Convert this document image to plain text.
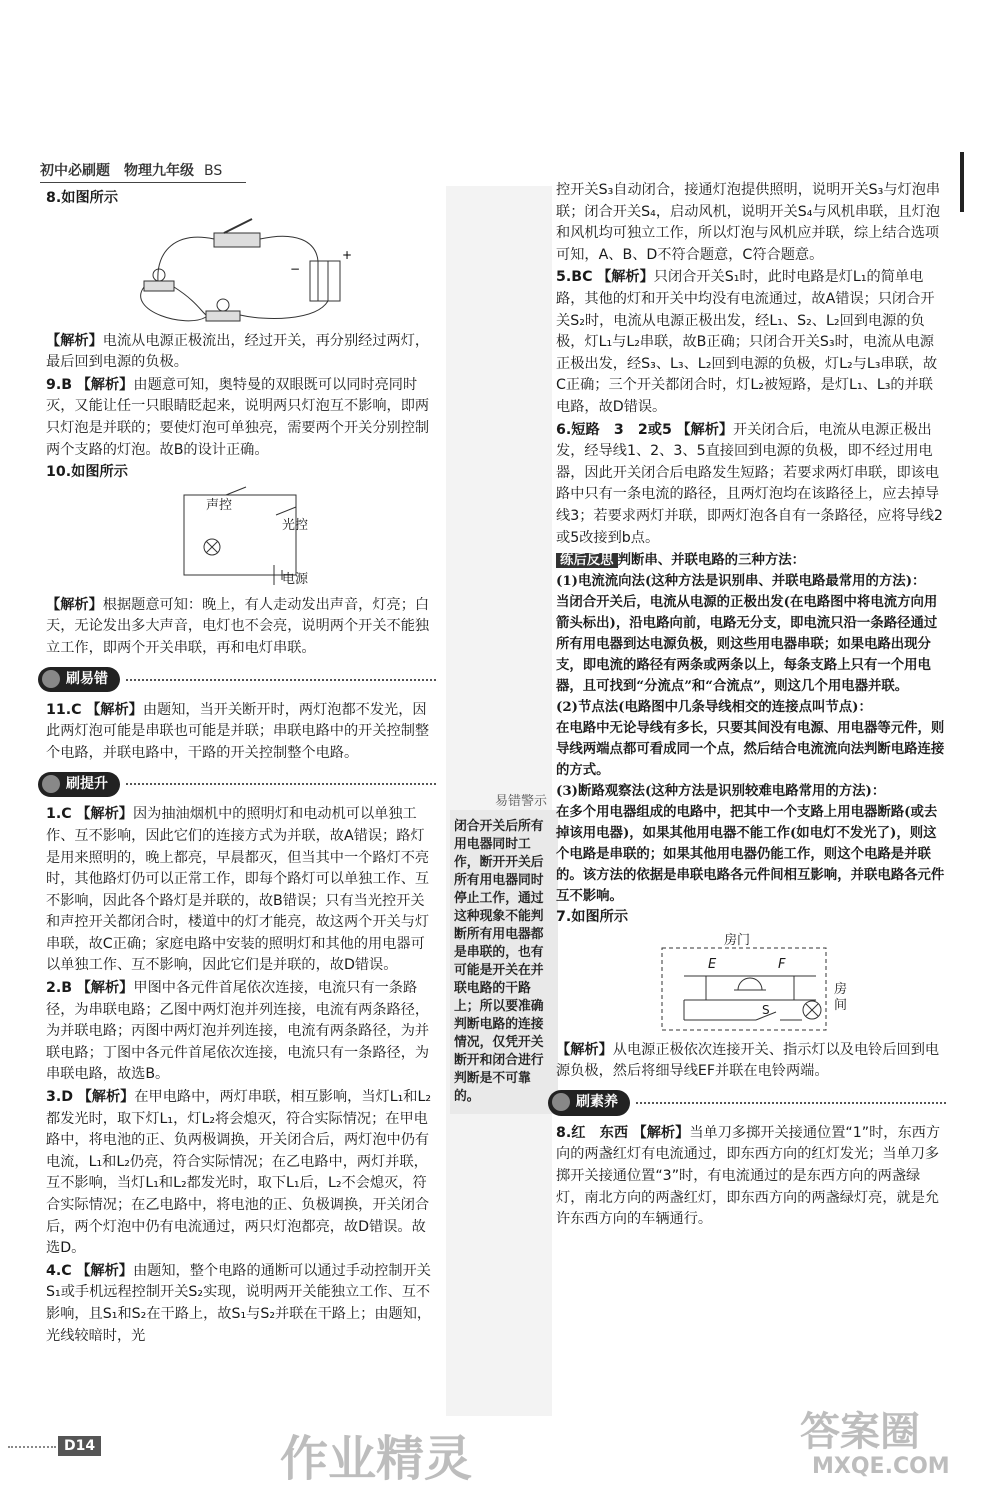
初中必刷题　物理九年级 BS
8.如图所示
−
+
【解析】电流从电源正极流出，经过开关，再分别经过两灯，最后回到电源的负极。
9.B 【解析】由题意可知，奥特曼的双眼既可以同时亮同时灭，又能让任一只眼睛眨起来，说明两只灯泡互不影响，即两只灯泡是并联的；要使灯泡可单独亮，需要两个开关分别控制两个支路的灯泡。故B的设计正确。
10.如图所示
声控
光控
电源
【解析】根据题意可知：晚上，有人走动发出声音，灯亮；白天，无论发出多大声音，电灯也不会亮，说明两个开关不能独立工作，即两个开关串联，再和电灯串联。
刷易错
11.C 【解析】由题知，当开关断开时，两灯泡都不发光，因此两灯泡可能是串联也可能是并联；串联电路中的开关控制整个电路，并联电路中，干路的开关控制整个电路。
刷提升
1.C 【解析】因为抽油烟机中的照明灯和电动机可以单独工作、互不影响，因此它们的连接方式为并联，故A错误；路灯是用来照明的，晚上都亮，早晨都灭，但当其中一个路灯不亮时，其他路灯仍可以正常工作，即每个路灯可以单独工作、互不影响，因此各个路灯是并联的，故B错误；只有当光控开关和声控开关都闭合时，楼道中的灯才能亮，故这两个开关与灯串联，故C正确；家庭电路中安装的照明灯和其他的用电器可以单独工作、互不影响，因此它们是并联的，故D错误。
2.B 【解析】甲图中各元件首尾依次连接，电流只有一条路径，为串联电路；乙图中两灯泡并列连接，电流有两条路径，为并联电路；丙图中两灯泡并列连接，电流有两条路径，为并联电路；丁图中各元件首尾依次连接，电流只有一条路径，为串联电路，故选B。
3.D 【解析】在甲电路中，两灯串联，相互影响，当灯L₁和L₂都发光时，取下灯L₁，灯L₂将会熄灭，符合实际情况；在甲电路中，将电池的正、负两极调换，开关闭合后，两灯泡中仍有电流，L₁和L₂仍亮，符合实际情况；在乙电路中，两灯并联，互不影响，当灯L₁和L₂都发光时，取下L₁后，L₂不会熄灭，符合实际情况；在乙电路中，将电池的正、负极调换，开关闭合后，两个灯泡中仍有电流通过，两只灯泡都亮，故D错误。故选D。
4.C 【解析】由题知，整个电路的通断可以通过手动控制开关S₁或手机远程控制开关S₂实现，说明两开关能独立工作、互不影响，且S₁和S₂在干路上，故S₁与S₂并联在干路上；由题知，光线较暗时，光
易错警示
闭合开关后所有用电器同时工作，断开开关后所有用电器同时停止工作，通过这种现象不能判断所有用电器都是串联的，也有可能是开关在并联电路的干路上；所以要准确判断电路的连接情况，仅凭开关断开和闭合进行判断是不可靠的。
控开关S₃自动闭合，接通灯泡提供照明，说明开关S₃与灯泡串联；闭合开关S₄，启动风机，说明开关S₄与风机串联，且灯泡和风机均可独立工作，所以灯泡与风机应并联，综上结合选项可知，A、B、D不符合题意，C符合题意。
5.BC 【解析】只闭合开关S₁时，此时电路是灯L₁的简单电路，其他的灯和开关中均没有电流通过，故A错误；只闭合开关S₂时，电流从电源正极出发，经L₁、S₂、L₂回到电源的负极，灯L₁与L₂串联，故B正确；只闭合开关S₃时，电流从电源正极出发，经S₃、L₃、L₂回到电源的负极，灯L₂与L₃串联，故C正确；三个开关都闭合时，灯L₂被短路，是灯L₁、L₃的并联电路，故D错误。
6.短路　3　2或5 【解析】开关闭合后，电流从电源正极出发，经导线1、2、3、5直接回到电源的负极，即不经过用电器，因此开关闭合后电路发生短路；若要求两灯串联，即该电路中只有一条电流的路径，且两灯泡均在该路径上，应去掉导线3；若要求两灯并联，即两灯泡各自有一条路径，应将导线2或5改接到b点。
练后反思 判断串、并联电路的三种方法：
(1)电流流向法(这种方法是识别串、并联电路最常用的方法)：
当闭合开关后，电流从电源的正极出发(在电路图中将电流方向用箭头标出)，沿电路向前，电路无分支，即电流只沿一条路径通过所有用电器到达电源负极，则这些用电器串联；如果电路出现分支，即电流的路径有两条或两条以上，每条支路上只有一个用电器，且可找到“分流点”和“合流点”，则这几个用电器并联。
(2)节点法(电路图中几条导线相交的连接点叫节点)：
在电路中无论导线有多长，只要其间没有电源、用电器等元件，则导线两端点都可看成同一个点，然后结合电流流向法判断电路连接的方式。
(3)断路观察法(这种方法是识别较难电路常用的方法)：
在多个用电器组成的电路中，把其中一个支路上用电器断路(或去掉该用电器)，如果其他用电器不能工作(如电灯不发光了)，则这个电路是串联的；如果其他用电器仍能工作，则这个电路是并联的。该方法的依据是串联电路各元件间相互影响，并联电路各元件互不影响。
7.如图所示
房门
E	F
房间
S
【解析】从电源正极依次连接开关、指示灯以及电铃后回到电源负极，然后将细导线EF并联在电铃两端。
刷素养
8.红　东西 【解析】当单刀多掷开关接通位置“1”时，东西方向的两盏红灯有电流通过，即东西方向的红灯发光；当单刀多掷开关接通位置“3”时，有电流通过的是东西方向的两盏绿灯，南北方向的两盏红灯，即东西方向的两盏绿灯亮，就是允许东西方向的车辆通行。
D14	作业精灵	答案圈
MXQE.COM
